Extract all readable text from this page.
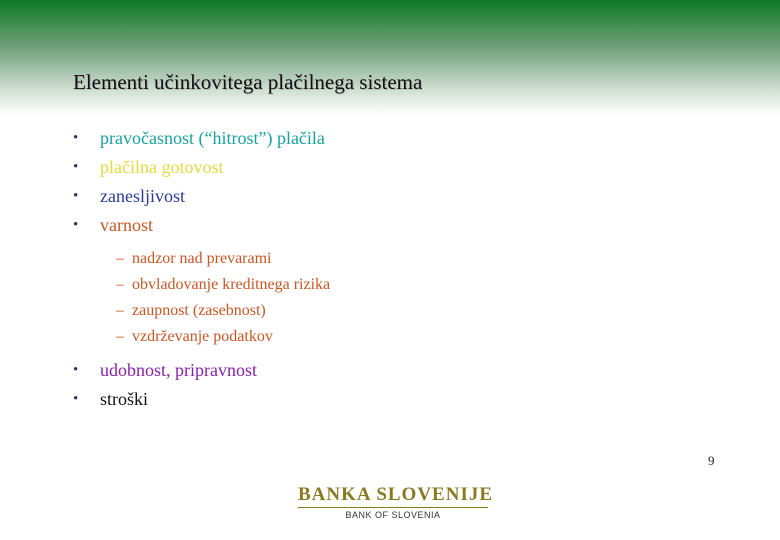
Elementi učinkovitega plačilnega sistema
• pravočasnost (“hitrost”) plačila
• plačilna gotovost
• zanesljivost
• varnost
– nadzor nad prevarami
– obvladovanje kreditnega rizika
– zaupnost (zasebnost)
– vzdrževanje podatkov
• udobnost, pripravnost
• stroški
9
BANKA SLOVENIJE
BANK OF SLOVENIA
